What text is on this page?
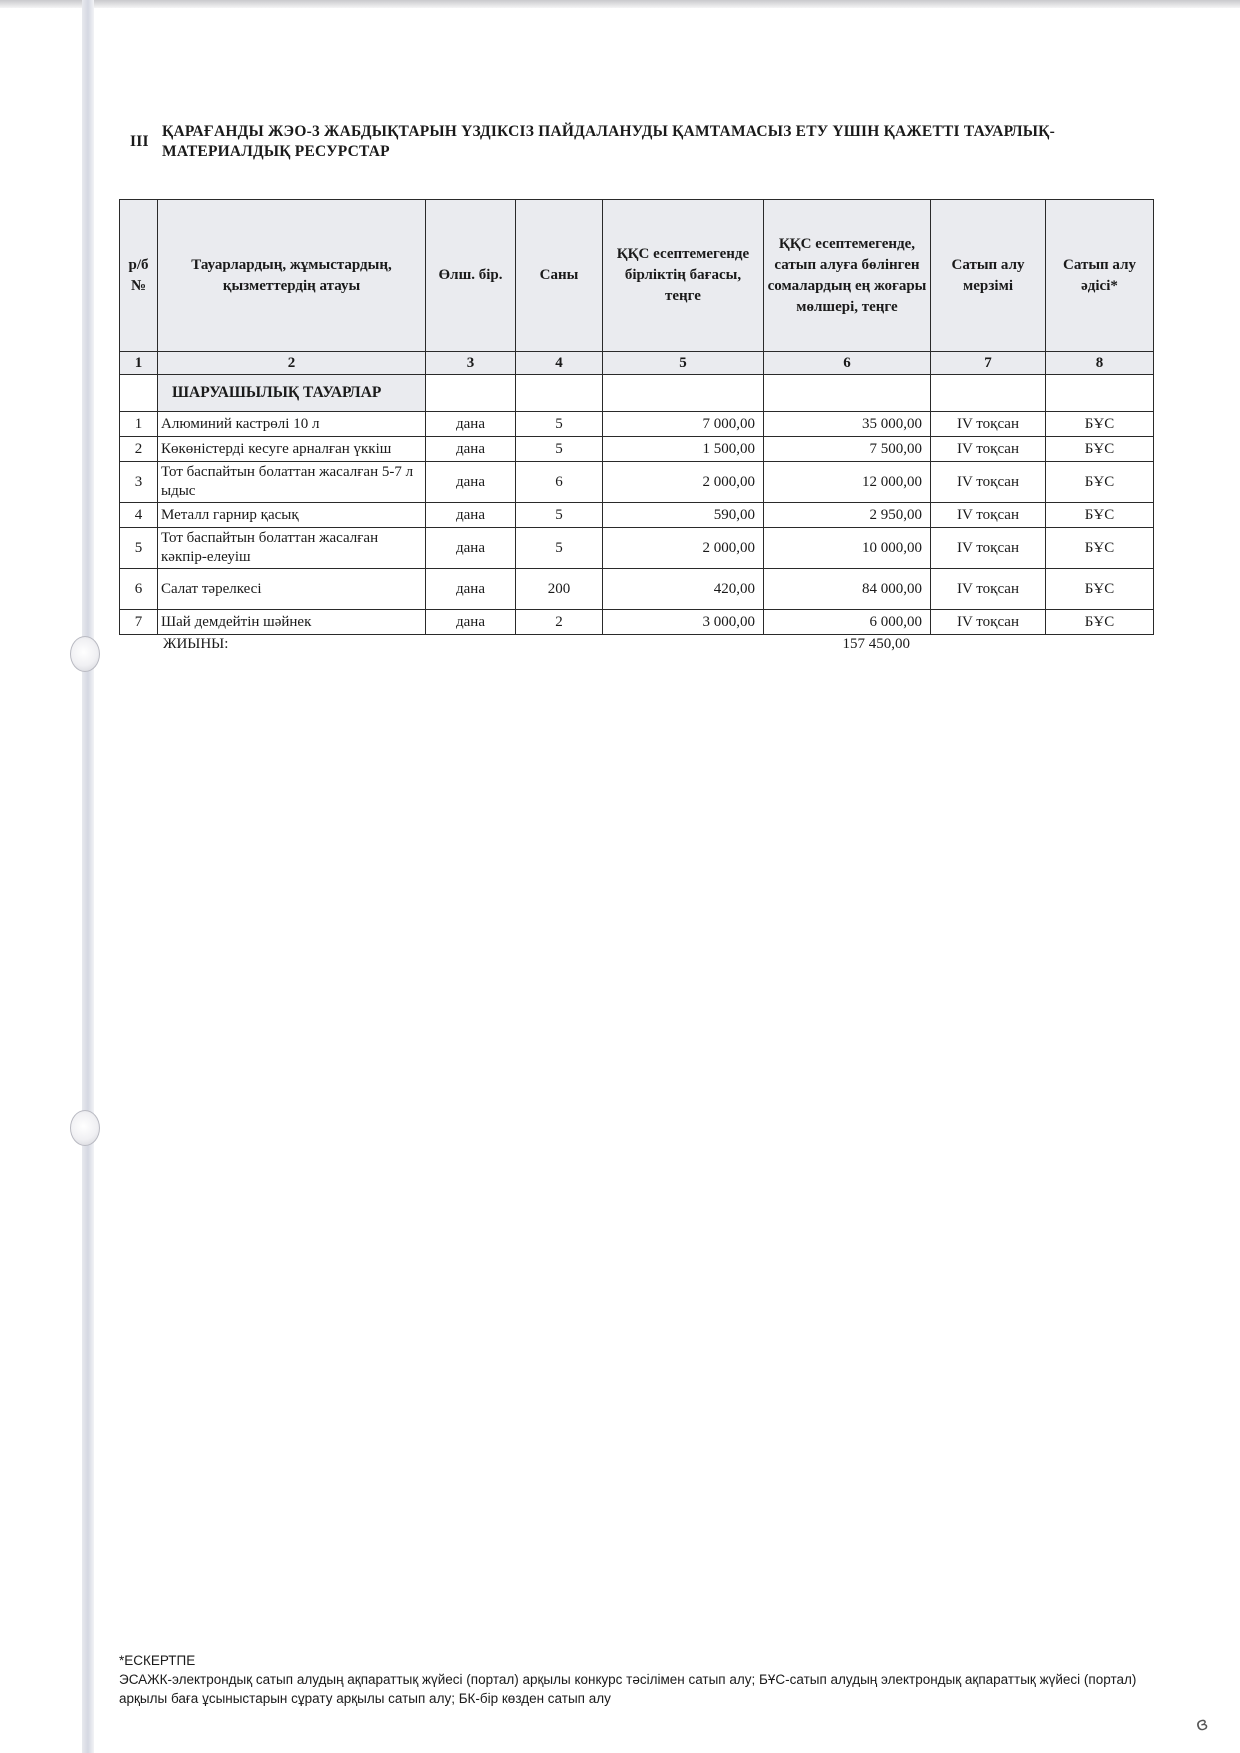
III
ҚАРАҒАНДЫ ЖЭО-3 ЖАБДЫҚТАРЫН ҮЗДІКСІЗ ПАЙДАЛАНУДЫ ҚАМТАМАСЫЗ ЕТУ ҮШІН ҚАЖЕТТІ ТАУАРЛЫҚ-МАТЕРИАЛДЫҚ РЕСУРСТАР
р/б №	Тауарлардың, жұмыстардың, қызметтердің атауы	Өлш. бір.	Саны	ҚҚС есептемегенде бірліктің бағасы, теңге	ҚҚС есептемегенде, сатып алуға бөлінген сомалардың ең жоғары мөлшері, теңге	Сатып алу мерзімі	Сатып алу әдісі*
1	2	3	4	5	6	7	8
	ШАРУАШЫЛЫҚ ТАУАРЛАР						
1	Алюминий кастрөлі 10 л	дана	5	7 000,00	35 000,00	IV тоқсан	БҰС
2	Көкөністерді кесуге арналған үккіш	дана	5	1 500,00	7 500,00	IV тоқсан	БҰС
3	Тот баспайтын болаттан жасалған 5-7 л ыдыс	дана	6	2 000,00	12 000,00	IV тоқсан	БҰС
4	Металл гарнир қасық	дана	5	590,00	2 950,00	IV тоқсан	БҰС
5	Тот баспайтын болаттан жасалған кәкпір-елеуіш	дана	5	2 000,00	10 000,00	IV тоқсан	БҰС
6	Салат тәрелкесі	дана	200	420,00	84 000,00	IV тоқсан	БҰС
7	Шай демдейтін шәйнек	дана	2	3 000,00	6 000,00	IV тоқсан	БҰС
ЖИЫНЫ:	157 450,00
*ЕСКЕРТПЕ
ЭСАЖК-электрондық сатып алудың ақпараттық жүйесі (портал) арқылы конкурс тәсілімен сатып алу; БҰС-сатып алудың электрондық ақпараттық жүйесі (портал) арқылы баға ұсыныстарын сұрату арқылы сатып алу; БК-бір көзден сатып алу
ɞ
